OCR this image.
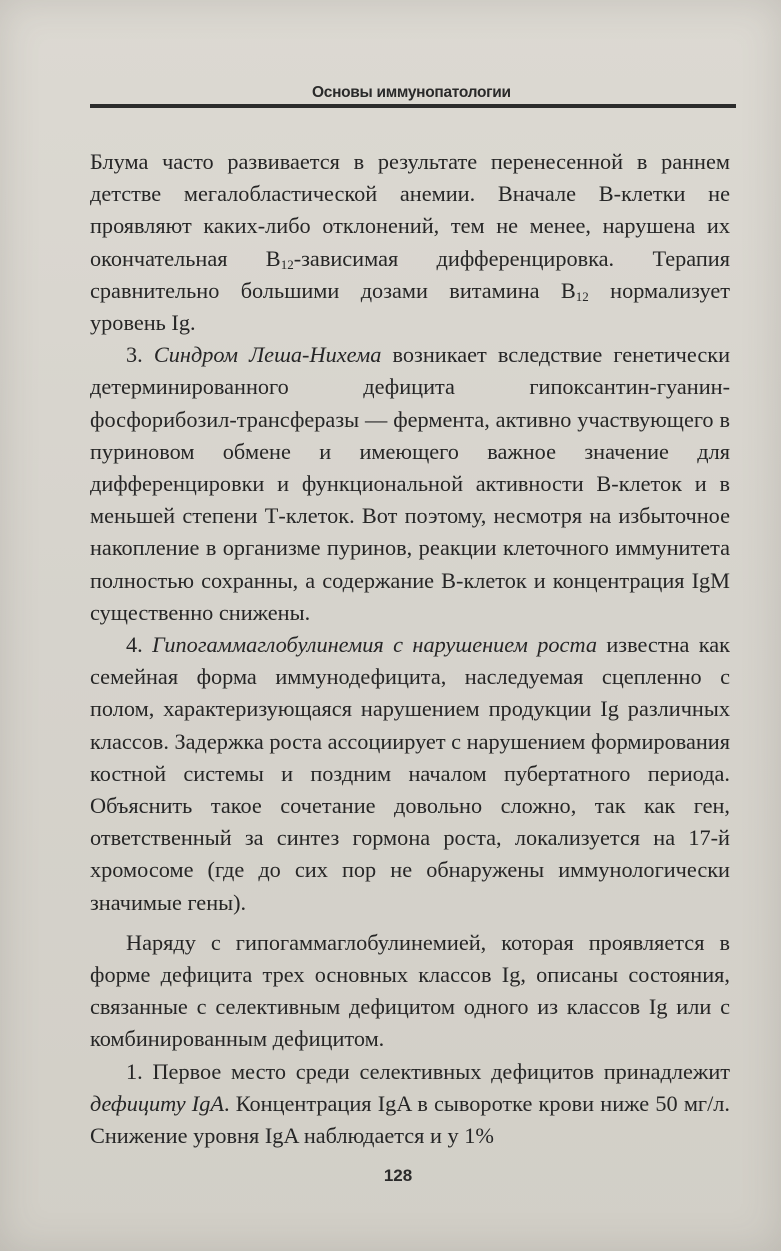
Основы иммунопатологии

Блума часто развивается в результате перенесенной в раннем детстве мегалобластической анемии. Вначале В-клетки не проявляют каких-либо отклонений, тем не менее, нарушена их окончательная $В_{12}$-зависимая дифференцировка. Терапия сравнительно большими дозами витамина $В_{12}$ нормализует уровень Ig.

3. Синдром Леша-Нихема возникает вследствие генетически детерминированного дефицита гипоксантин-гуанинфосфорибозил-трансферазы — фермента, активно участвующего в пуриновом обмене и имеющего важное значение для дифференцировки и функциональной активности В-клеток и в меньшей степени Т-клеток. Вот поэтому, несмотря на избыточное накопление в организме пуринов, реакции клеточного иммунитета полностью сохранны, а содержание В-клеток и концентрация IgM существенно снижены.

4. Гипогаммаглобулинемия с нарушением роста известна как семейная форма иммунодефицита, наследуемая сцепленно с полом, характеризующаяся нарушением продукции Ig различных классов. Задержка роста ассоциирует с нарушением формирования костной системы и поздним началом пубертатного периода. Объяснить такое сочетание довольно сложно, так как ген, ответственный за синтез гормона роста, локализуется на 17-й хромосоме (где до сих пор не обнаружены иммунологически значимые гены).

Наряду с гипогаммаглобулинемией, которая проявляется в форме дефицита трех основных классов Ig, описаны состояния, связанные с селективным дефицитом одного из классов Ig или с комбинированным дефицитом.

1. Первое место среди селективных дефицитов принадлежит дефициту IgA. Концентрация IgA в сыворотке крови ниже 50 мг/л. Снижение уровня IgA наблюдается и у 1%

128
